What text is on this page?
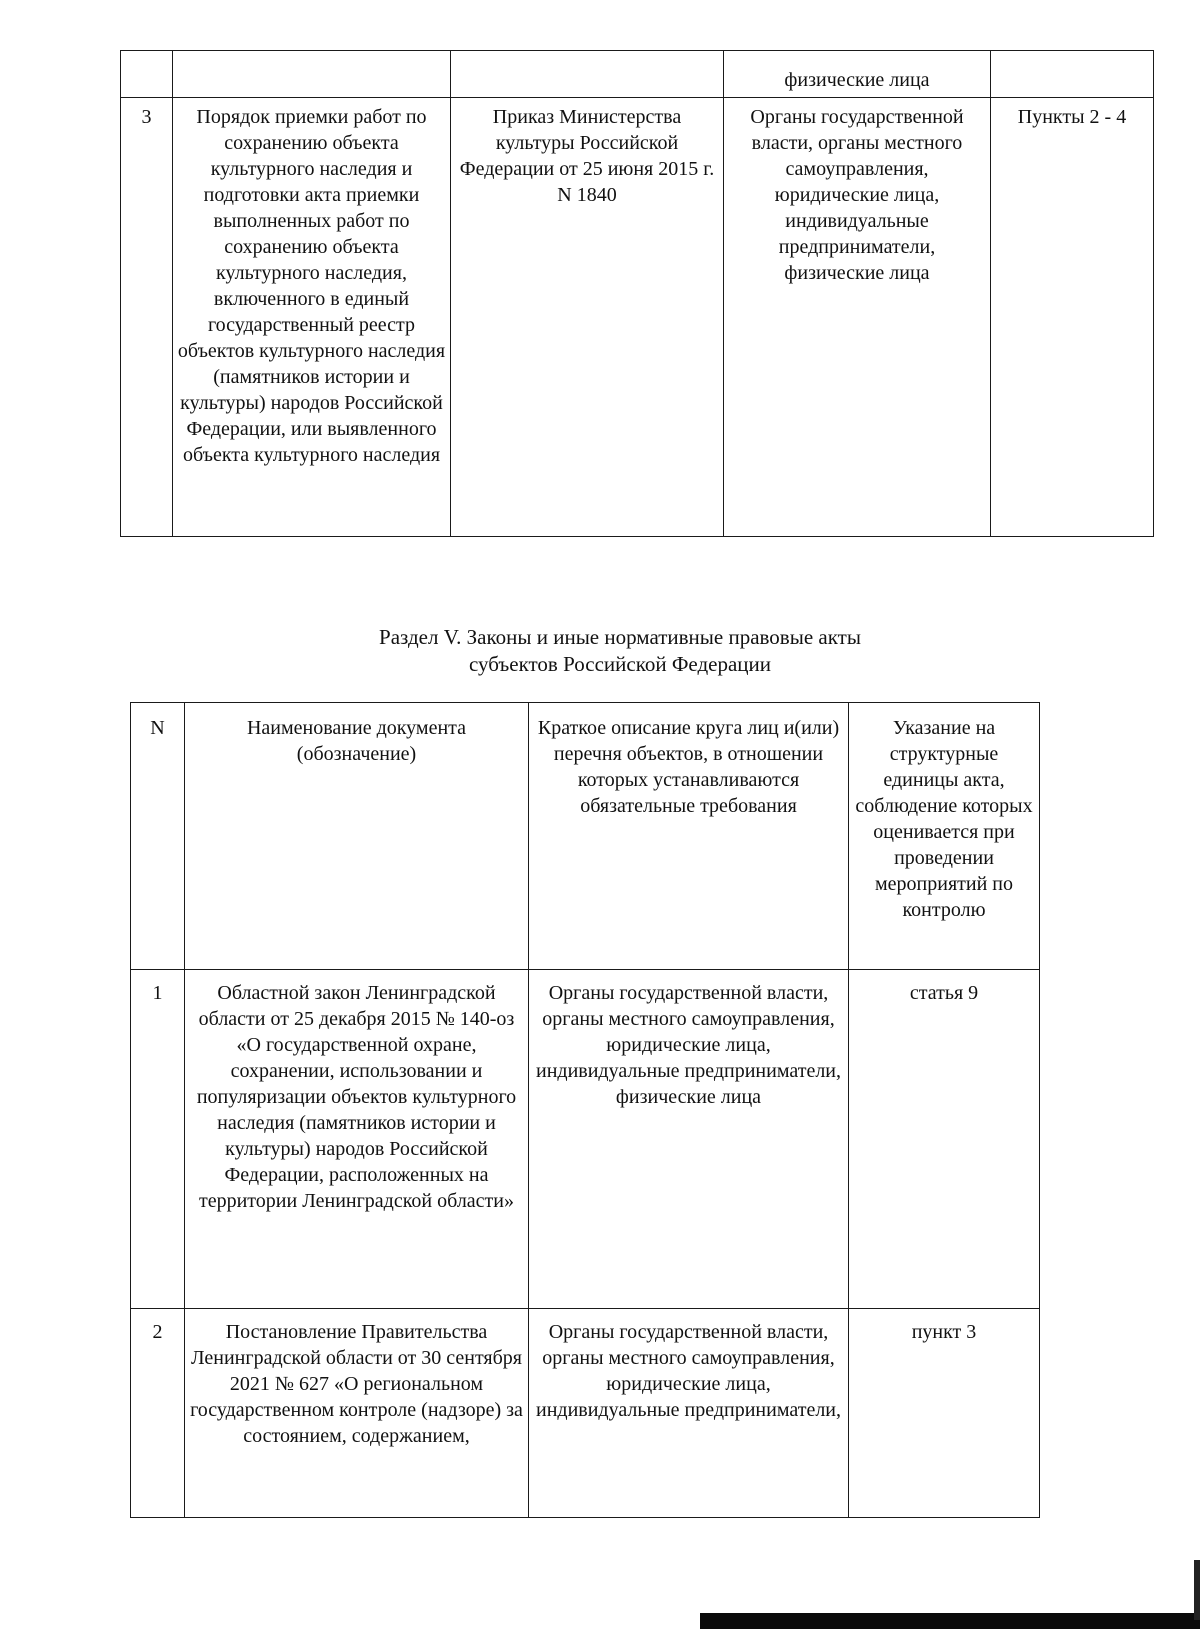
			физические лица	
3	Порядок приемки работ по сохранению объекта культурного наследия и подготовки акта приемки выполненных работ по сохранению объекта культурного наследия, включенного в единый государственный реестр объектов культурного наследия (памятников истории и культуры) народов Российской Федерации, или выявленного объекта культурного наследия	Приказ Министерства культуры Российской Федерации от 25 июня 2015 г. N 1840	Органы государственной власти, органы местного самоуправления, юридические лица, индивидуальные предприниматели, физические лица	Пункты 2 - 4
Раздел V. Законы и иные нормативные правовые акты
субъектов Российской Федерации
N	Наименование документа (обозначение)	Краткое описание круга лиц и(или) перечня объектов, в отношении которых устанавливаются обязательные требования	Указание на структурные единицы акта, соблюдение которых оценивается при проведении мероприятий по контролю
1	Областной закон Ленинградской области от 25 декабря 2015 № 140-оз «О государственной охране, сохранении, использовании и популяризации объектов культурного наследия (памятников истории и культуры) народов Российской Федерации, расположенных на территории Ленинградской области»	Органы государственной власти, органы местного самоуправления, юридические лица, индивидуальные предприниматели, физические лица	статья 9
2	Постановление Правительства Ленинградской области от 30 сентября 2021 № 627 «О региональном государственном контроле (надзоре) за состоянием, содержанием,	Органы государственной власти, органы местного самоуправления, юридические лица, индивидуальные предприниматели,	пункт 3
